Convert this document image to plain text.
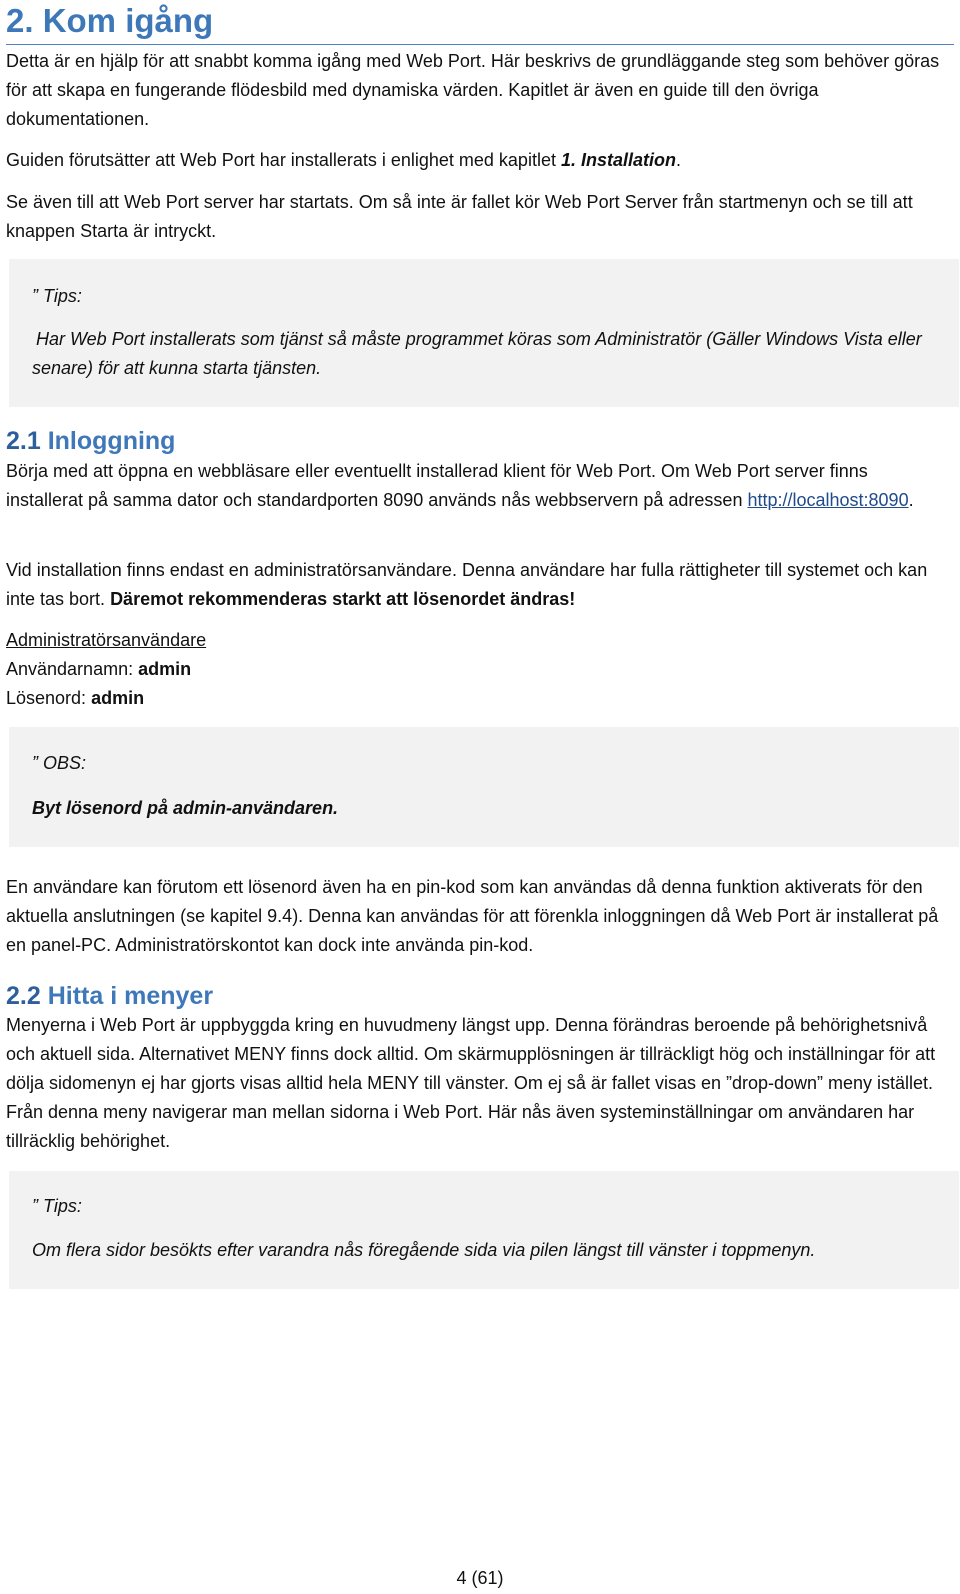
2. Kom igång

Detta är en hjälp för att snabbt komma igång med Web Port. Här beskrivs de grundläggande steg som behöver göras för att skapa en fungerande flödesbild med dynamiska värden. Kapitlet är även en guide till den övriga dokumentationen.

Guiden förutsätter att Web Port har installerats i enlighet med kapitlet 1. Installation.

Se även till att Web Port server har startats. Om så inte är fallet kör Web Port Server från startmenyn och se till att knappen Starta är intryckt.

” Tips:
Har Web Port installerats som tjänst så måste programmet köras som Administratör (Gäller Windows Vista eller senare) för att kunna starta tjänsten.
2.1 Inloggning

Börja med att öppna en webbläsare eller eventuellt installerad klient för Web Port. Om Web Port server finns installerat på samma dator och standardporten 8090 används nås webbservern på adressen http://localhost:8090.

Vid installation finns endast en administratörsanvändare. Denna användare har fulla rättigheter till systemet och kan inte tas bort. Däremot rekommenderas starkt att lösenordet ändras!

Administratörsanvändare
Användarnamn: admin
Lösenord: admin
” OBS:
Byt lösenord på admin-användaren.

En användare kan förutom ett lösenord även ha en pin-kod som kan användas då denna funktion aktiverats för den aktuella anslutningen (se kapitel 9.4). Denna kan användas för att förenkla inloggningen då Web Port är installerat på en panel-PC. Administratörskontot kan dock inte använda pin-kod.

2.2 Hitta i menyer

Menyerna i Web Port är uppbyggda kring en huvudmeny längst upp. Denna förändras beroende på behörighetsnivå och aktuell sida. Alternativet MENY finns dock alltid. Om skärmupplösningen är tillräckligt hög och inställningar för att dölja sidomenyn ej har gjorts visas alltid hela MENY till vänster. Om ej så är fallet visas en ”drop-down” meny istället. Från denna meny navigerar man mellan sidorna i Web Port. Här nås även systeminställningar om användaren har tillräcklig behörighet.

” Tips:
Om flera sidor besökts efter varandra nås föregående sida via pilen längst till vänster i toppmenyn.
4 (61)
